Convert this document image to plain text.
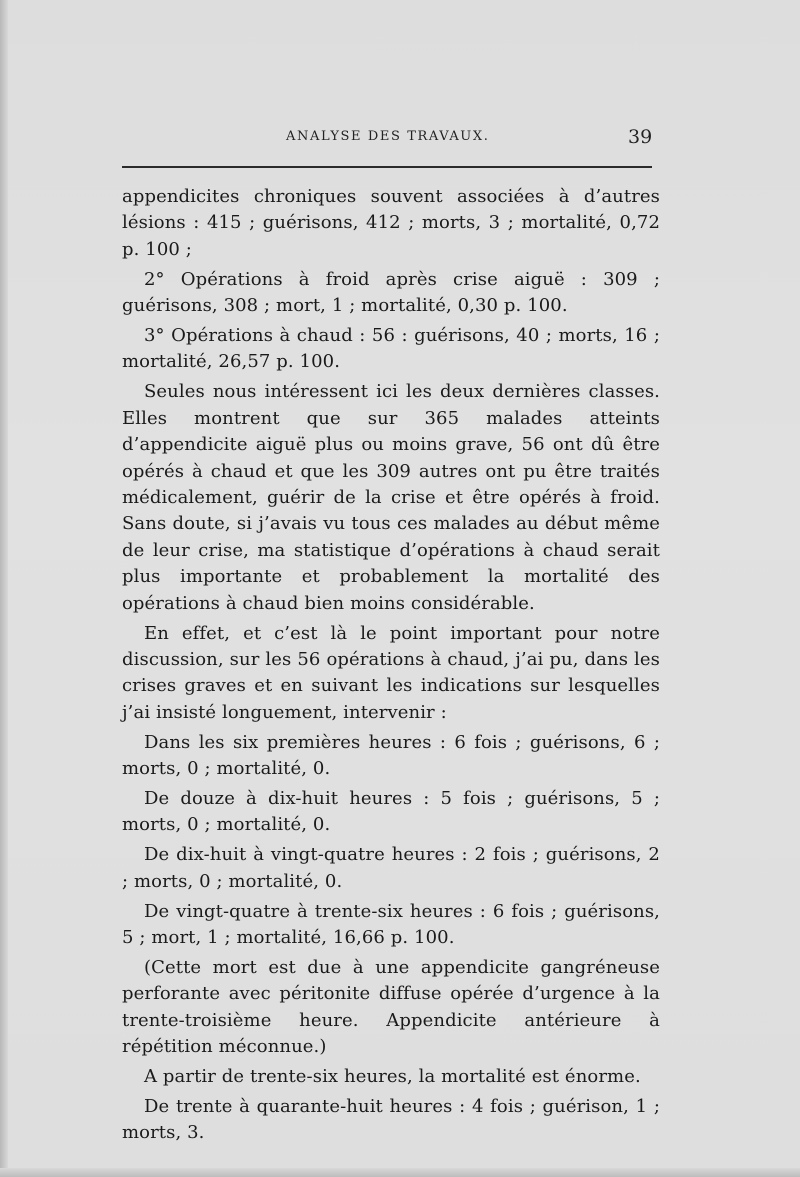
ANALYSE DES TRAVAUX.	39

appendicites chroniques souvent associées à d’autres lésions : 415 ; guérisons, 412 ; morts, 3 ; mortalité, 0,72 p. 100 ;

2° Opérations à froid après crise aiguë : 309 ; guérisons, 308 ; mort, 1 ; mortalité, 0,30 p. 100.

3° Opérations à chaud : 56 : guérisons, 40 ; morts, 16 ; mortalité, 26,57 p. 100.

Seules nous intéressent ici les deux dernières classes. Elles montrent que sur 365 malades atteints d’appendicite aiguë plus ou moins grave, 56 ont dû être opérés à chaud et que les 309 autres ont pu être traités médicalement, guérir de la crise et être opérés à froid. Sans doute, si j’avais vu tous ces malades au début même de leur crise, ma statistique d’opérations à chaud serait plus importante et probablement la mortalité des opérations à chaud bien moins considérable.

En effet, et c’est là le point important pour notre discussion, sur les 56 opérations à chaud, j’ai pu, dans les crises graves et en suivant les indications sur lesquelles j’ai insisté longuement, intervenir :

Dans les six premières heures : 6 fois ; guérisons, 6 ; morts, 0 ; mortalité, 0.

De douze à dix-huit heures : 5 fois ; guérisons, 5 ; morts, 0 ; mortalité, 0.

De dix-huit à vingt-quatre heures : 2 fois ; guérisons, 2 ; morts, 0 ; mortalité, 0.

De vingt-quatre à trente-six heures : 6 fois ; guérisons, 5 ; mort, 1 ; mortalité, 16,66 p. 100.

(Cette mort est due à une appendicite gangréneuse perforante avec péritonite diffuse opérée d’urgence à la trente-troisième heure. Appendicite antérieure à répétition méconnue.)

A partir de trente-six heures, la mortalité est énorme.

De trente à quarante-huit heures : 4 fois ; guérison, 1 ; morts, 3.
